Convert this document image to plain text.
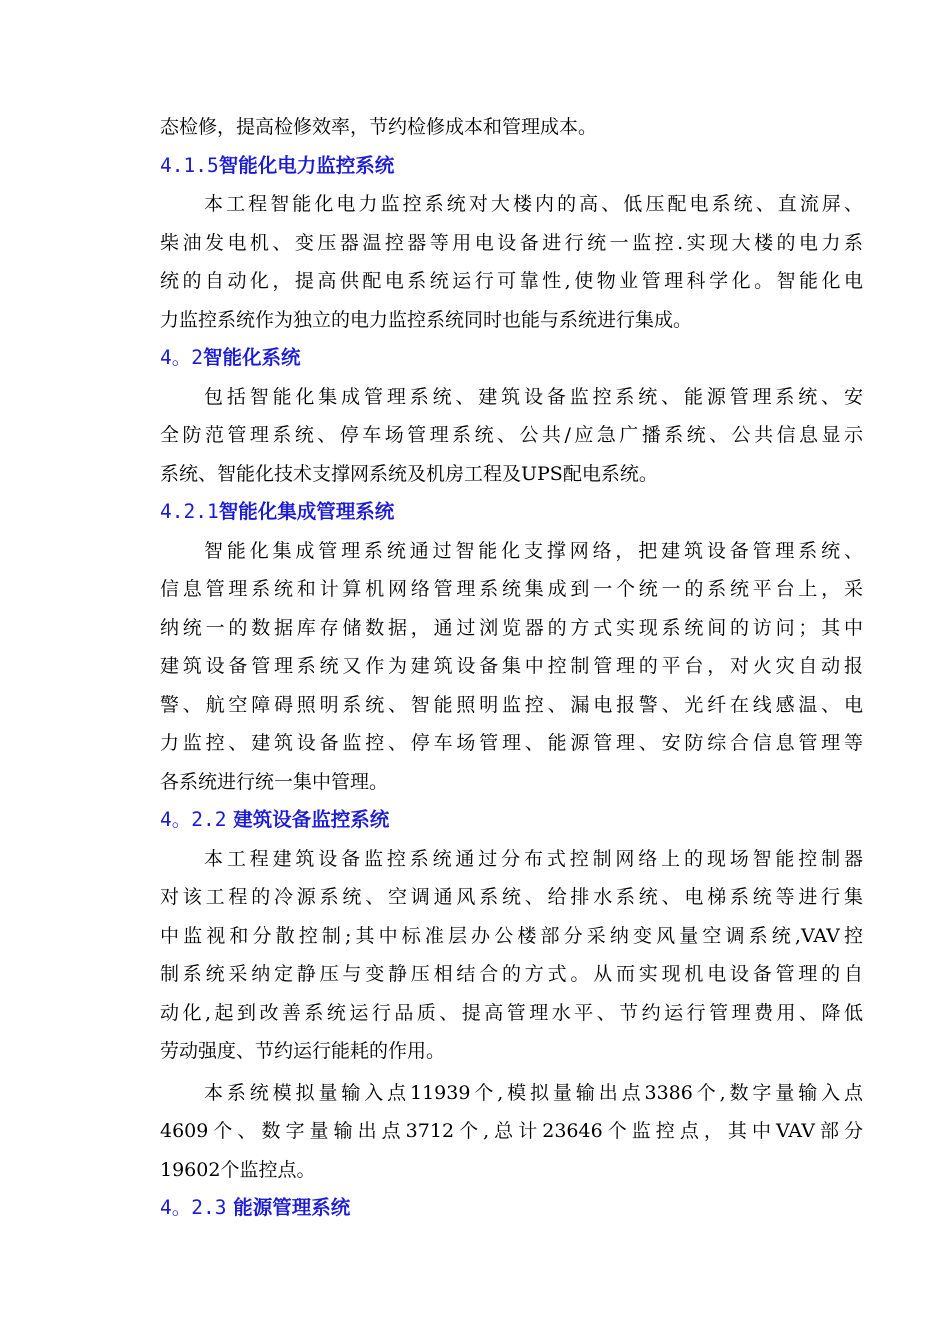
态检修，提高检修效率，节约检修成本和管理成本。
4.1.5智能化电力监控系统
本工程智能化电力监控系统对大楼内的高、低压配电系统、直流屏、
柴油发电机、变压器温控器等用电设备进行统一监控.实现大楼的电力系
统的自动化，提高供配电系统运行可靠性,使物业管理科学化。智能化电
力监控系统作为独立的电力监控系统同时也能与系统进行集成。
4。2智能化系统
包括智能化集成管理系统、建筑设备监控系统、能源管理系统、安
全防范管理系统、停车场管理系统、公共/应急广播系统、公共信息显示
系统、智能化技术支撑网系统及机房工程及UPS配电系统。
4.2.1智能化集成管理系统
智能化集成管理系统通过智能化支撑网络，把建筑设备管理系统、
信息管理系统和计算机网络管理系统集成到一个统一的系统平台上，采
纳统一的数据库存储数据，通过浏览器的方式实现系统间的访问；其中
建筑设备管理系统又作为建筑设备集中控制管理的平台，对火灾自动报
警、航空障碍照明系统、智能照明监控、漏电报警、光纤在线感温、电
力监控、建筑设备监控、停车场管理、能源管理、安防综合信息管理等
各系统进行统一集中管理。
4。2.2 建筑设备监控系统
本工程建筑设备监控系统通过分布式控制网络上的现场智能控制器
对该工程的冷源系统、空调通风系统、给排水系统、电梯系统等进行集
中监视和分散控制;其中标准层办公楼部分采纳变风量空调系统,VAV控
制系统采纳定静压与变静压相结合的方式。从而实现机电设备管理的自
动化,起到改善系统运行品质、提高管理水平、节约运行管理费用、降低
劳动强度、节约运行能耗的作用。
本系统模拟量输入点11939个,模拟量输出点3386个,数字量输入点
4609个、数字量输出点3712个,总计23646个监控点，其中VAV部分
19602个监控点。
4。2.3 能源管理系统
